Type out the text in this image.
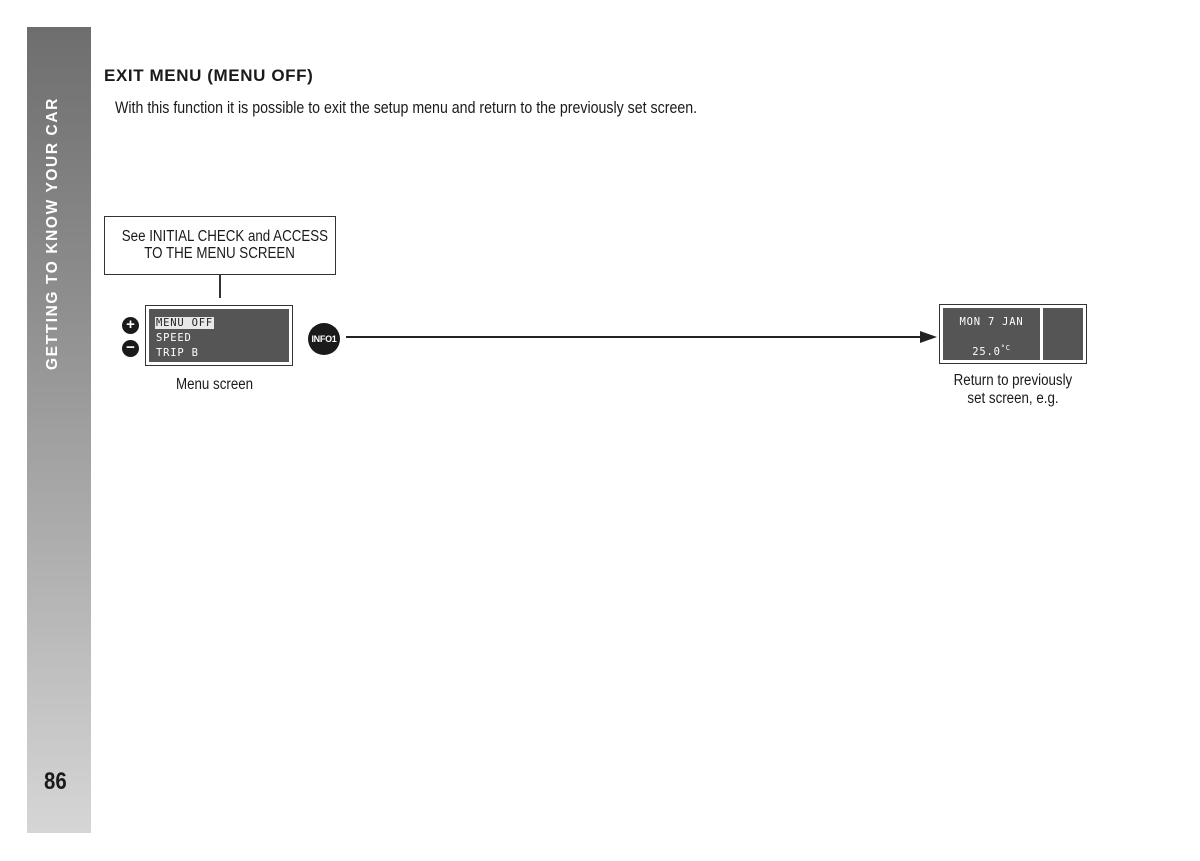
GETTING TO KNOW YOUR CAR
86
EXIT MENU (MENU OFF)
With this function it is possible to exit the setup menu and return to the previously set screen.
See INITIAL CHECK and ACCESS
TO THE MENU SCREEN
+
−
MENU OFF
SPEED
TRIP B
Menu screen
INFO1
MON 7 JAN
$25.0^{^\circ C}$
Return to previously
set screen, e.g.
